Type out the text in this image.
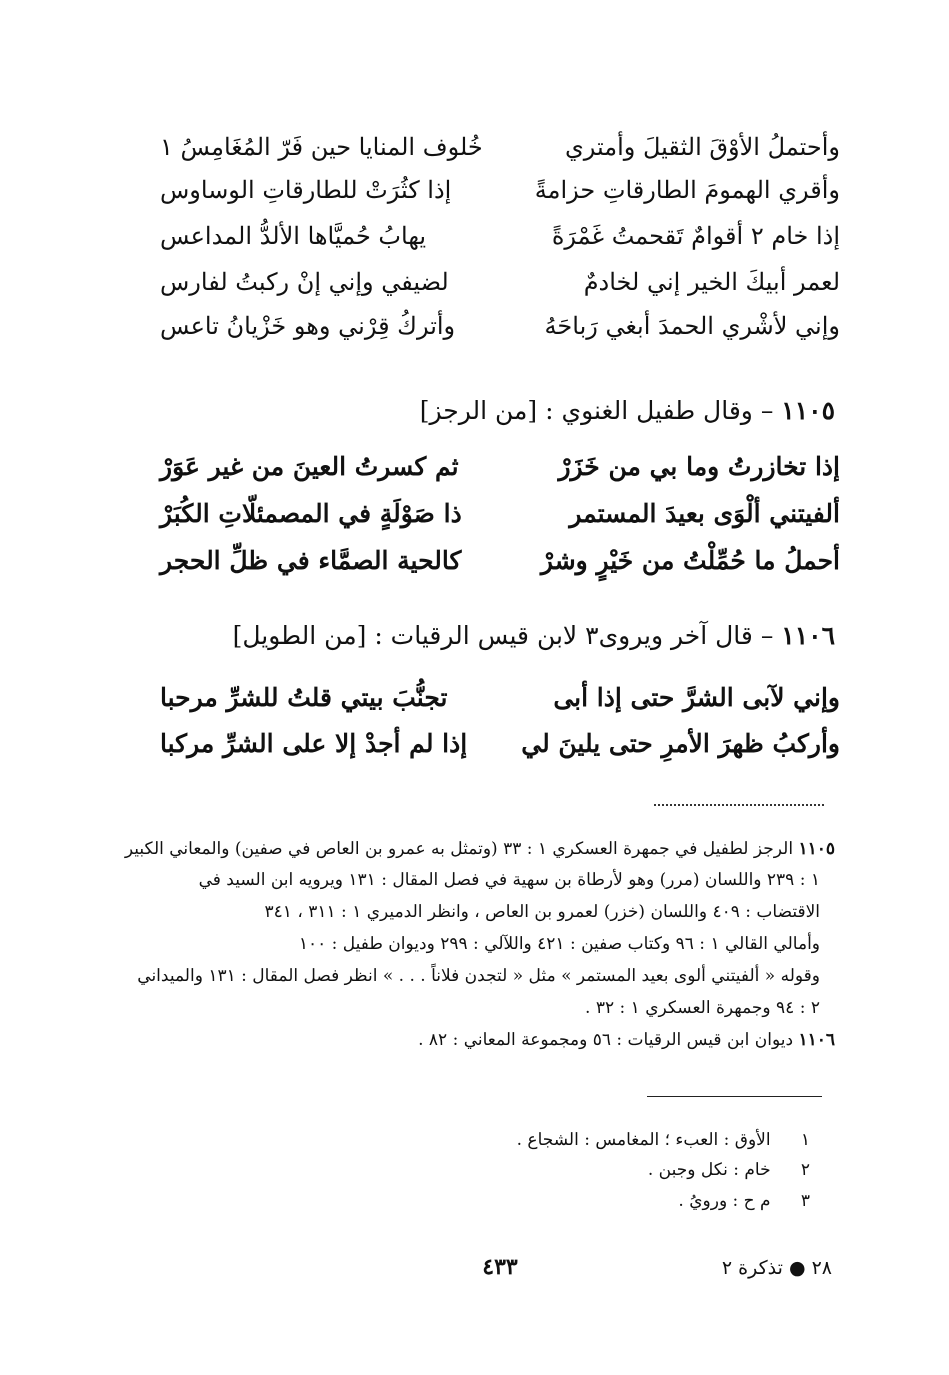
وأحتملُ الأوْقَ الثقيلَ وأمتري
خُلوف المنايا حين فَرّ المُغَامِسُ ١
وأقري الهمومَ الطارقاتِ حزامةً
إذا كثُرَتْ للطارقاتِ الوساوس
إذا خام ٢ أقوامٌ تَقحمتُ غَمْرَةً
يهابُ حُميَّاها الألدُّ المداعس
لعمر أبيكَ الخير إني لخادمٌ
لضيفي وإني إنْ ركبتُ لفارس
وإني لأشْري الحمدَ أبغي رَباحَهُ
وأتركُ قِرْني وهو خَزْيانُ تاعس
١١٠٥ – وقال طفيل الغنوي : [من الرجز]
إذا تخازرتُ وما بي من خَزَرْ
ثم كسرتُ العينَ من غير عَوَرْ
ألفيتني ألْوَى بعيدَ المستمر
ذا صَوْلَةٍ في المصمئلّاتِ الكُبَرْ
أحملُ ما حُمِّلْتُ من خَيْرٍ وشرْ
كالحية الصمَّاء في ظلِّ الحجر
١١٠٦ – قال آخر ويروى٣ لابن قيس الرقيات : [من الطويل]
وإني لآبى الشرَّ حتى إذا أبى
تجنُّبَ بيتي قلتُ للشرِّ مرحبا
وأركبُ ظهرَ الأمرِ حتى يلينَ لي
إذا لم أجدْ إلا على الشرِّ مركبا
١١٠٥ الرجز لطفيل في جمهرة العسكري ١ : ٣٣ (وتمثل به عمرو بن العاص في صفين) والمعاني الكبير
١ : ٢٣٩ واللسان (مرر) وهو لأرطاة بن سهية في فصل المقال : ١٣١ ويرويه ابن السيد في
الاقتضاب : ٤٠٩ واللسان (خزر) لعمرو بن العاص ، وانظر الدميري ١ : ٣١١ ، ٣٤١
وأمالي القالي ١ : ٩٦ وكتاب صفين : ٤٢١ واللآلي : ٢٩٩ وديوان طفيل : ١٠٠
وقوله « ألفيتني ألوى بعيد المستمر » مثل « لتجدن فلاناً . . . » انظر فصل المقال : ١٣١ والميداني
٢ : ٩٤ وجمهرة العسكري ١ : ٣٢ .
١١٠٦ ديوان ابن قيس الرقيات : ٥٦ ومجموعة المعاني : ٨٢ .
١ الأوق : العبء ؛ المغامس : الشجاع .
٢ خام : نكل وجبن .
٣ م ح : ورويُ .
٤٣٣	٢٨ ● تذكرة ٢
